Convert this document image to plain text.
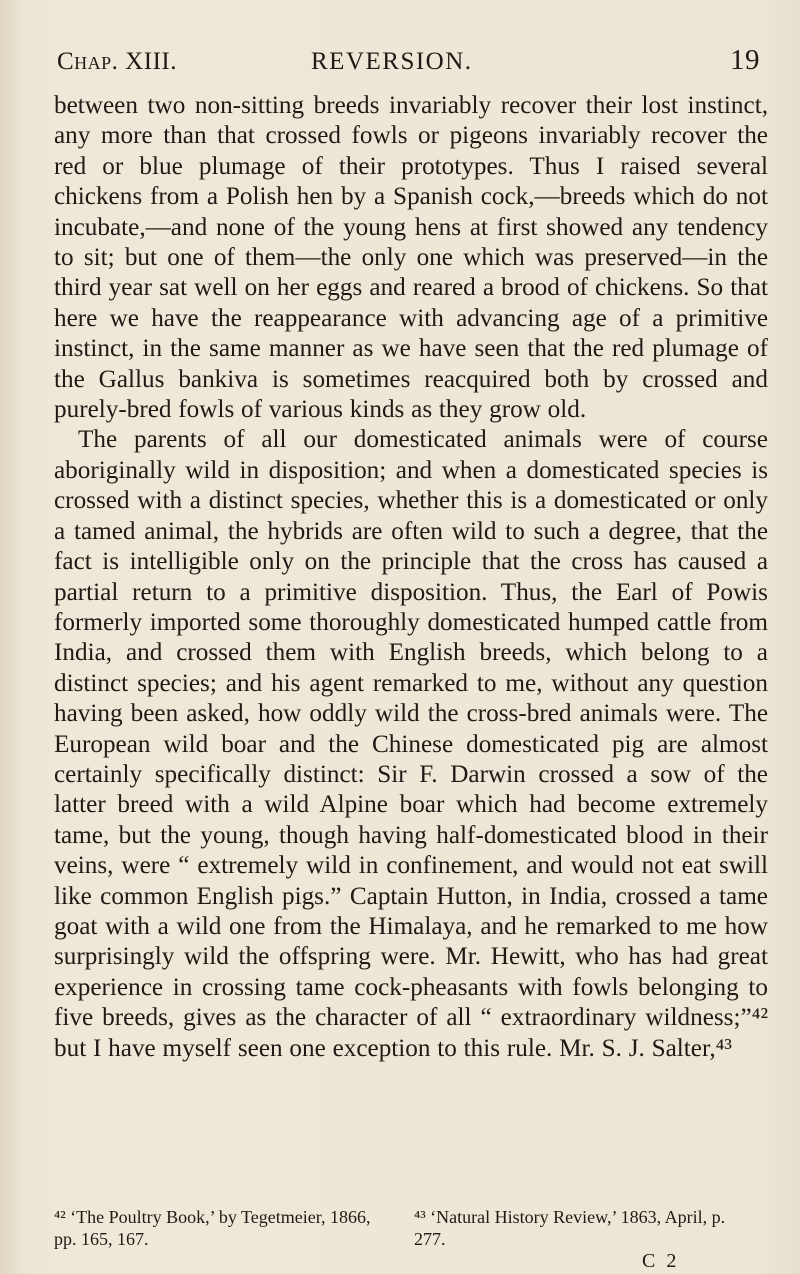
Chap. XIII.	REVERSION.	19

between two non-sitting breeds invariably recover their lost instinct, any more than that crossed fowls or pigeons invariably recover the red or blue plumage of their prototypes. Thus I raised several chickens from a Polish hen by a Spanish cock,—breeds which do not incubate,—and none of the young hens at first showed any tendency to sit; but one of them—the only one which was preserved—in the third year sat well on her eggs and reared a brood of chickens. So that here we have the reappearance with advancing age of a primitive instinct, in the same manner as we have seen that the red plumage of the Gallus bankiva is sometimes reacquired both by crossed and purely-bred fowls of various kinds as they grow old.

The parents of all our domesticated animals were of course aboriginally wild in disposition; and when a domesticated species is crossed with a distinct species, whether this is a domesticated or only a tamed animal, the hybrids are often wild to such a degree, that the fact is intelligible only on the principle that the cross has caused a partial return to a primitive disposition. Thus, the Earl of Powis formerly imported some thoroughly domesticated humped cattle from India, and crossed them with English breeds, which belong to a distinct species; and his agent remarked to me, without any question having been asked, how oddly wild the cross-bred animals were. The European wild boar and the Chinese domesticated pig are almost certainly specifically distinct: Sir F. Darwin crossed a sow of the latter breed with a wild Alpine boar which had become extremely tame, but the young, though having half-domesticated blood in their veins, were “ extremely wild in confinement, and would not eat swill like common English pigs.” Captain Hutton, in India, crossed a tame goat with a wild one from the Himalaya, and he remarked to me how surprisingly wild the offspring were. Mr. Hewitt, who has had great experience in crossing tame cock-pheasants with fowls belonging to five breeds, gives as the character of all “ extraordinary wildness;”⁴² but I have myself seen one exception to this rule. Mr. S. J. Salter,⁴³

⁴² ‘The Poultry Book,’ by Tegetmeier, 1866, pp. 165, 167.
⁴³ ‘Natural History Review,’ 1863, April, p. 277.
C 2
